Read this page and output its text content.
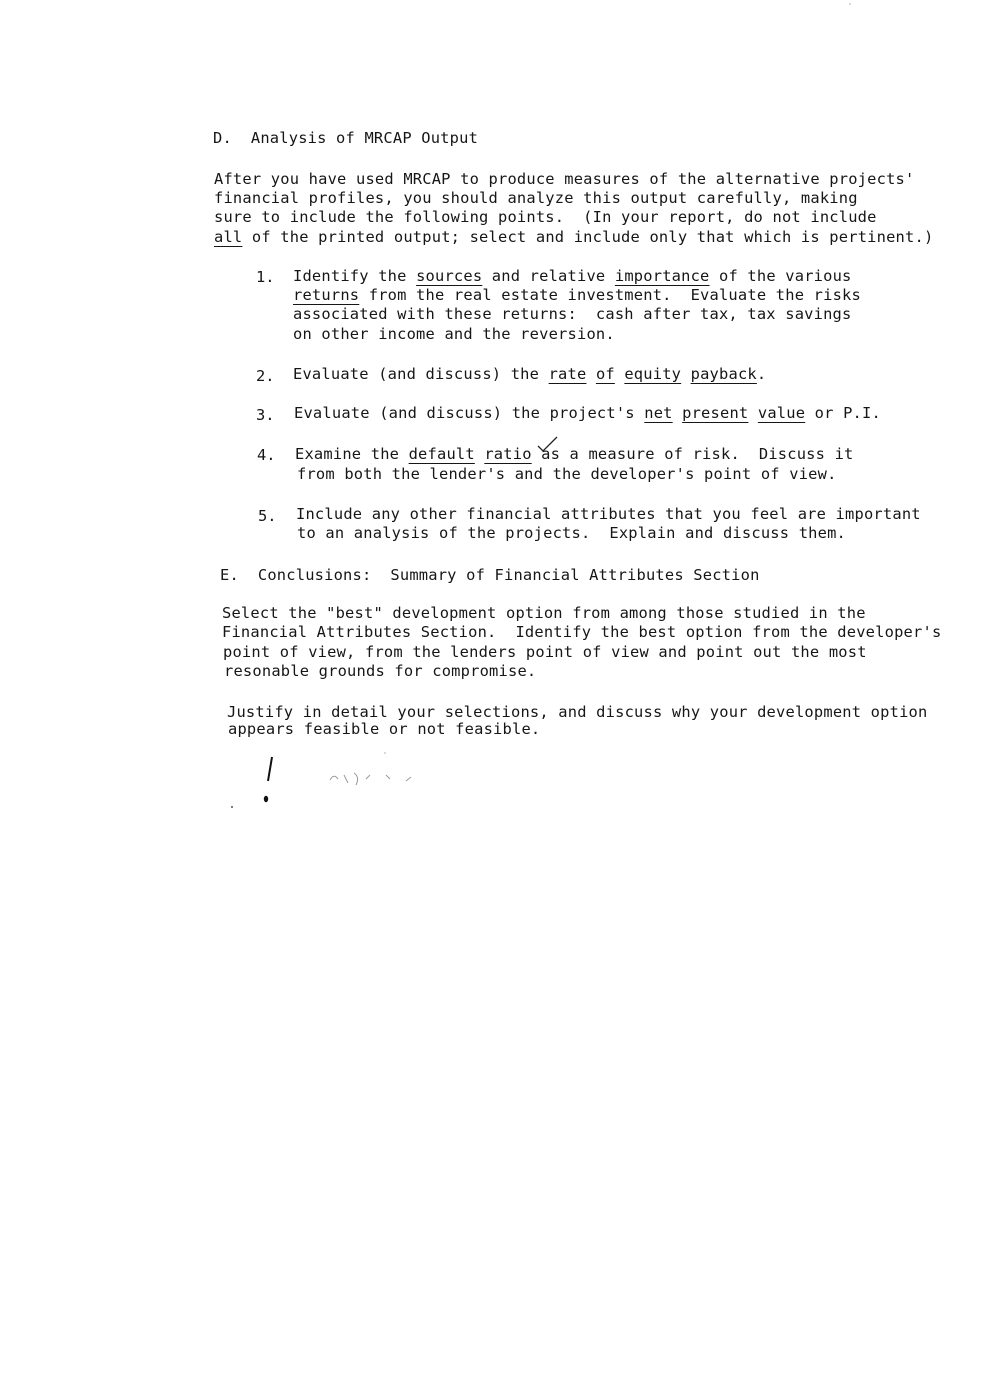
D.  Analysis of MRCAP Output
After you have used MRCAP to produce measures of the alternative projects'
financial profiles, you should analyze this output carefully, making
sure to include the following points.  (In your report, do not include
all of the printed output; select and include only that which is pertinent.)
1. Identify the sources and relative importance of the various
returns from the real estate investment.  Evaluate the risks
associated with these returns:  cash after tax, tax savings
on other income and the reversion.
2. Evaluate (and discuss) the rate of equity payback.
3. Evaluate (and discuss) the project's net present value or P.I.
4. Examine the default ratio as a measure of risk.  Discuss it
from both the lender's and the developer's point of view.
5. Include any other financial attributes that you feel are important
to an analysis of the projects.  Explain and discuss them.
E.  Conclusions:  Summary of Financial Attributes Section
Select the "best" development option from among those studied in the
Financial Attributes Section.  Identify the best option from the developer's
point of view, from the lenders point of view and point out the most
resonable grounds for compromise.
Justify in detail your selections, and discuss why your development option
appears feasible or not feasible.
